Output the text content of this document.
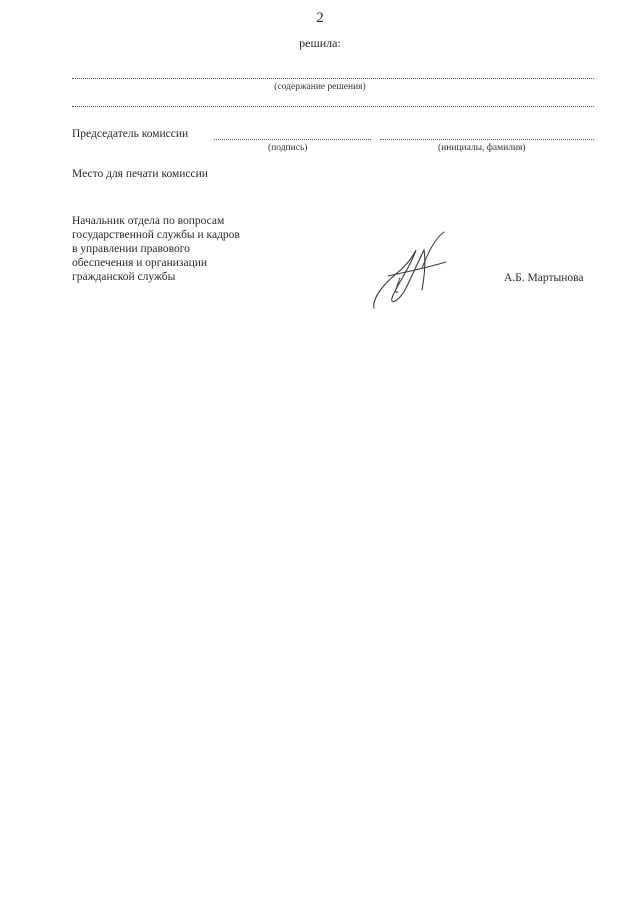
2
решила:
(содержание решения)
Председатель комиссии
(подпись)	(инициалы, фамилия)
Место для печати комиссии
Начальник отдела по вопросам
государственной службы и кадров
в управлении правового
обеспечения и организации
гражданской службы	А.Б. Мартынова
